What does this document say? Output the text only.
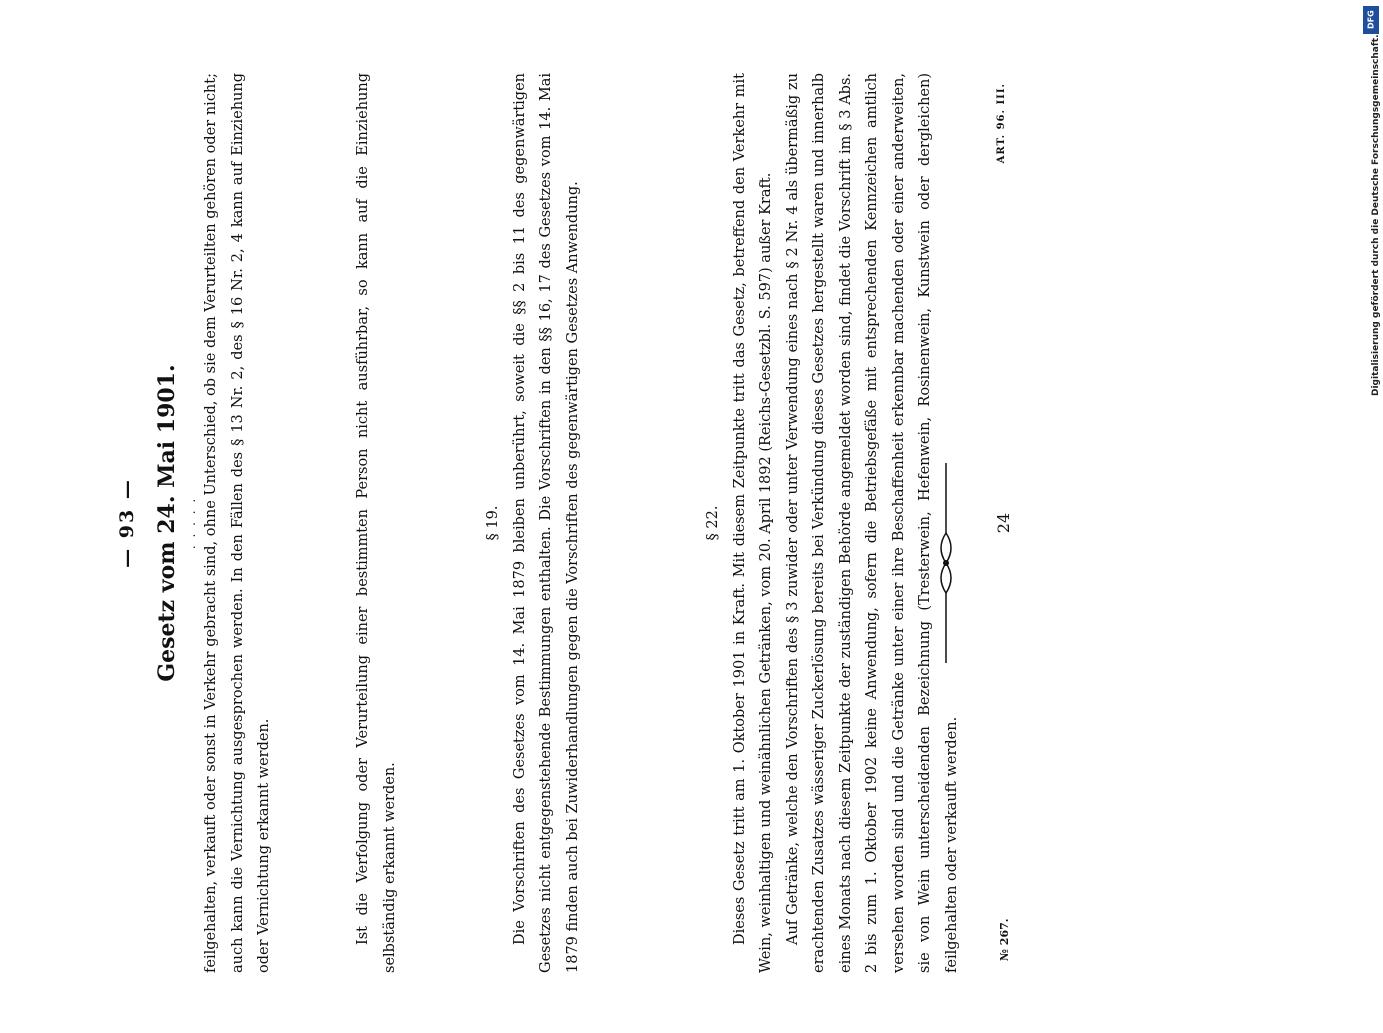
— 93 — Gesetz vom 24. Mai 1901. . . . . . feilgehalten, verkauft oder sonst in Verkehr gebracht sind, ohne Unterschied, ob sie dem Verurteilten gehören oder nicht; auch kann die Vernichtung ausgesprochen werden. In den Fällen des § 13 Nr. 2, des § 16 Nr. 2, 4 kann auf Einziehung oder Vernichtung erkannt werden.	Ist die Verfolgung oder Verurteilung einer bestimmten Person nicht ausführbar, so kann auf die Einziehung selbständig erkannt werden.

§ 19. Die Vorschriften des Gesetzes vom 14. Mai 1879 bleiben unberührt, soweit die §§ 2 bis 11 des gegenwärtigen Gesetzes nicht entgegenstehende Bestimmungen enthalten. Die Vorschriften in den §§ 16, 17 des Gesetzes vom 14. Mai 1879 finden auch bei Zuwiderhandlungen gegen die Vorschriften des gegenwärtigen Gesetzes Anwendung.	§ 22. Dieses Gesetz tritt am 1. Oktober 1901 in Kraft. Mit diesem Zeitpunkte tritt das Gesetz, betreffend den Verkehr mit Wein, weinhaltigen und weinähnlichen Getränken, vom 20. April 1892 (Reichs-Gesetzbl. S. 597) außer Kraft. Auf Getränke, welche den Vorschriften des § 3 zuwider oder unter Verwendung eines nach § 2 Nr. 4 als übermäßig zu erachtenden Zusatzes wässeriger Zuckerlösung bereits bei Verkündung dieses Gesetzes hergestellt waren und innerhalb eines Monats nach diesem Zeitpunkte der zuständigen Behörde angemeldet worden sind, findet die Vorschrift im § 3 Abs. 2 bis zum 1. Oktober 1902 keine Anwendung, sofern die Betriebsgefäße mit entsprechenden Kennzeichen amtlich versehen worden sind und die Getränke unter einer ihre Beschaffenheit erkennbar machenden oder einer anderweiten, sie von Wein unterscheidenden Bezeichnung (Tresterwein, Hefenwein, Rosinenwein, Kunstwein oder dergleichen) feilgehalten oder verkauft werden.	№ 267.
24
ART. 96. III.
DFG
Digitalisierung gefördert durch die Deutsche Forschungsgemeinschaft.
